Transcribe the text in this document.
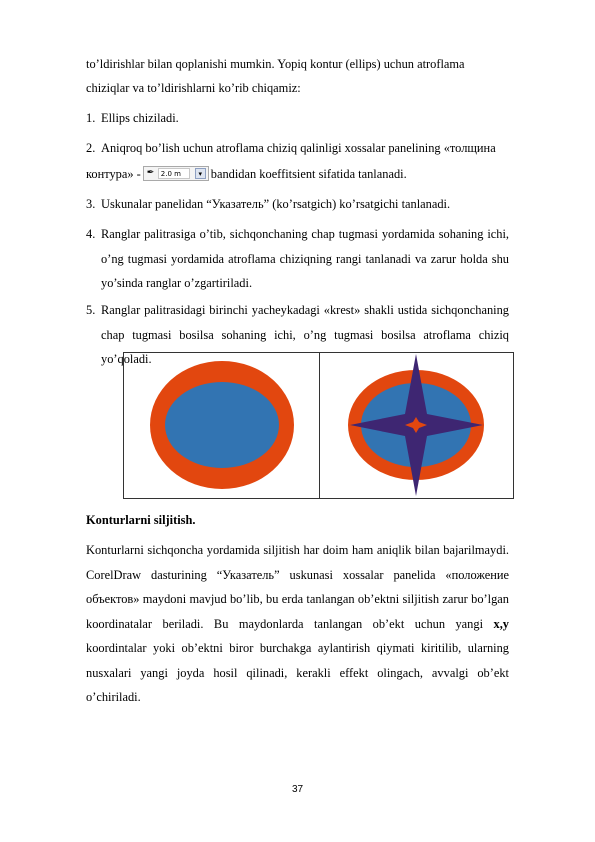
to’ldirishlar bilan qoplanishi mumkin. Yopiq kontur (ellips) uchun atroflama
chiziqlar va to’ldirishlarni ko’rib chiqamiz:
1. Ellips chiziladi.
2. Aniqroq bo’lish uchun atroflama chiziq qalinligi xossalar panelining «толщина
контура» - ✒ 2.0 m	▾ bandidan koeffitsient sifatida tanlanadi.
3. Uskunalar panelidan “Указатель” (ko’rsatgich) ko’rsatgichi tanlanadi.
4. Ranglar palitrasiga o’tib, sichqonchaning chap tugmasi yordamida sohaning ichi, o’ng tugmasi yordamida atroflama chiziqning rangi tanlanadi va zarur holda shu yo’sinda ranglar o’zgartiriladi.
5. Ranglar palitrasidagi birinchi yacheykadagi «krest» shakli ustida sichqonchaning chap tugmasi bosilsa sohaning ichi, o’ng tugmasi bosilsa atroflama chiziq yo’qoladi.
Konturlarni siljitish.
Konturlarni sichqoncha yordamida siljitish har doim ham aniqlik bilan bajarilmaydi. CorelDraw dasturining “Указатель” uskunasi xossalar panelida «положение объектов» maydoni mavjud bo’lib, bu erda tanlangan ob’ektni siljitish zarur bo’lgan koordinatalar beriladi. Bu maydonlarda tanlangan ob’ekt uchun yangi x,y koordintalar yoki ob’ektni biror burchakga aylantirish qiymati kiritilib, ularning nusxalari yangi joyda hosil qilinadi, kerakli effekt olingach, avvalgi ob’ekt o’chiriladi.
37
